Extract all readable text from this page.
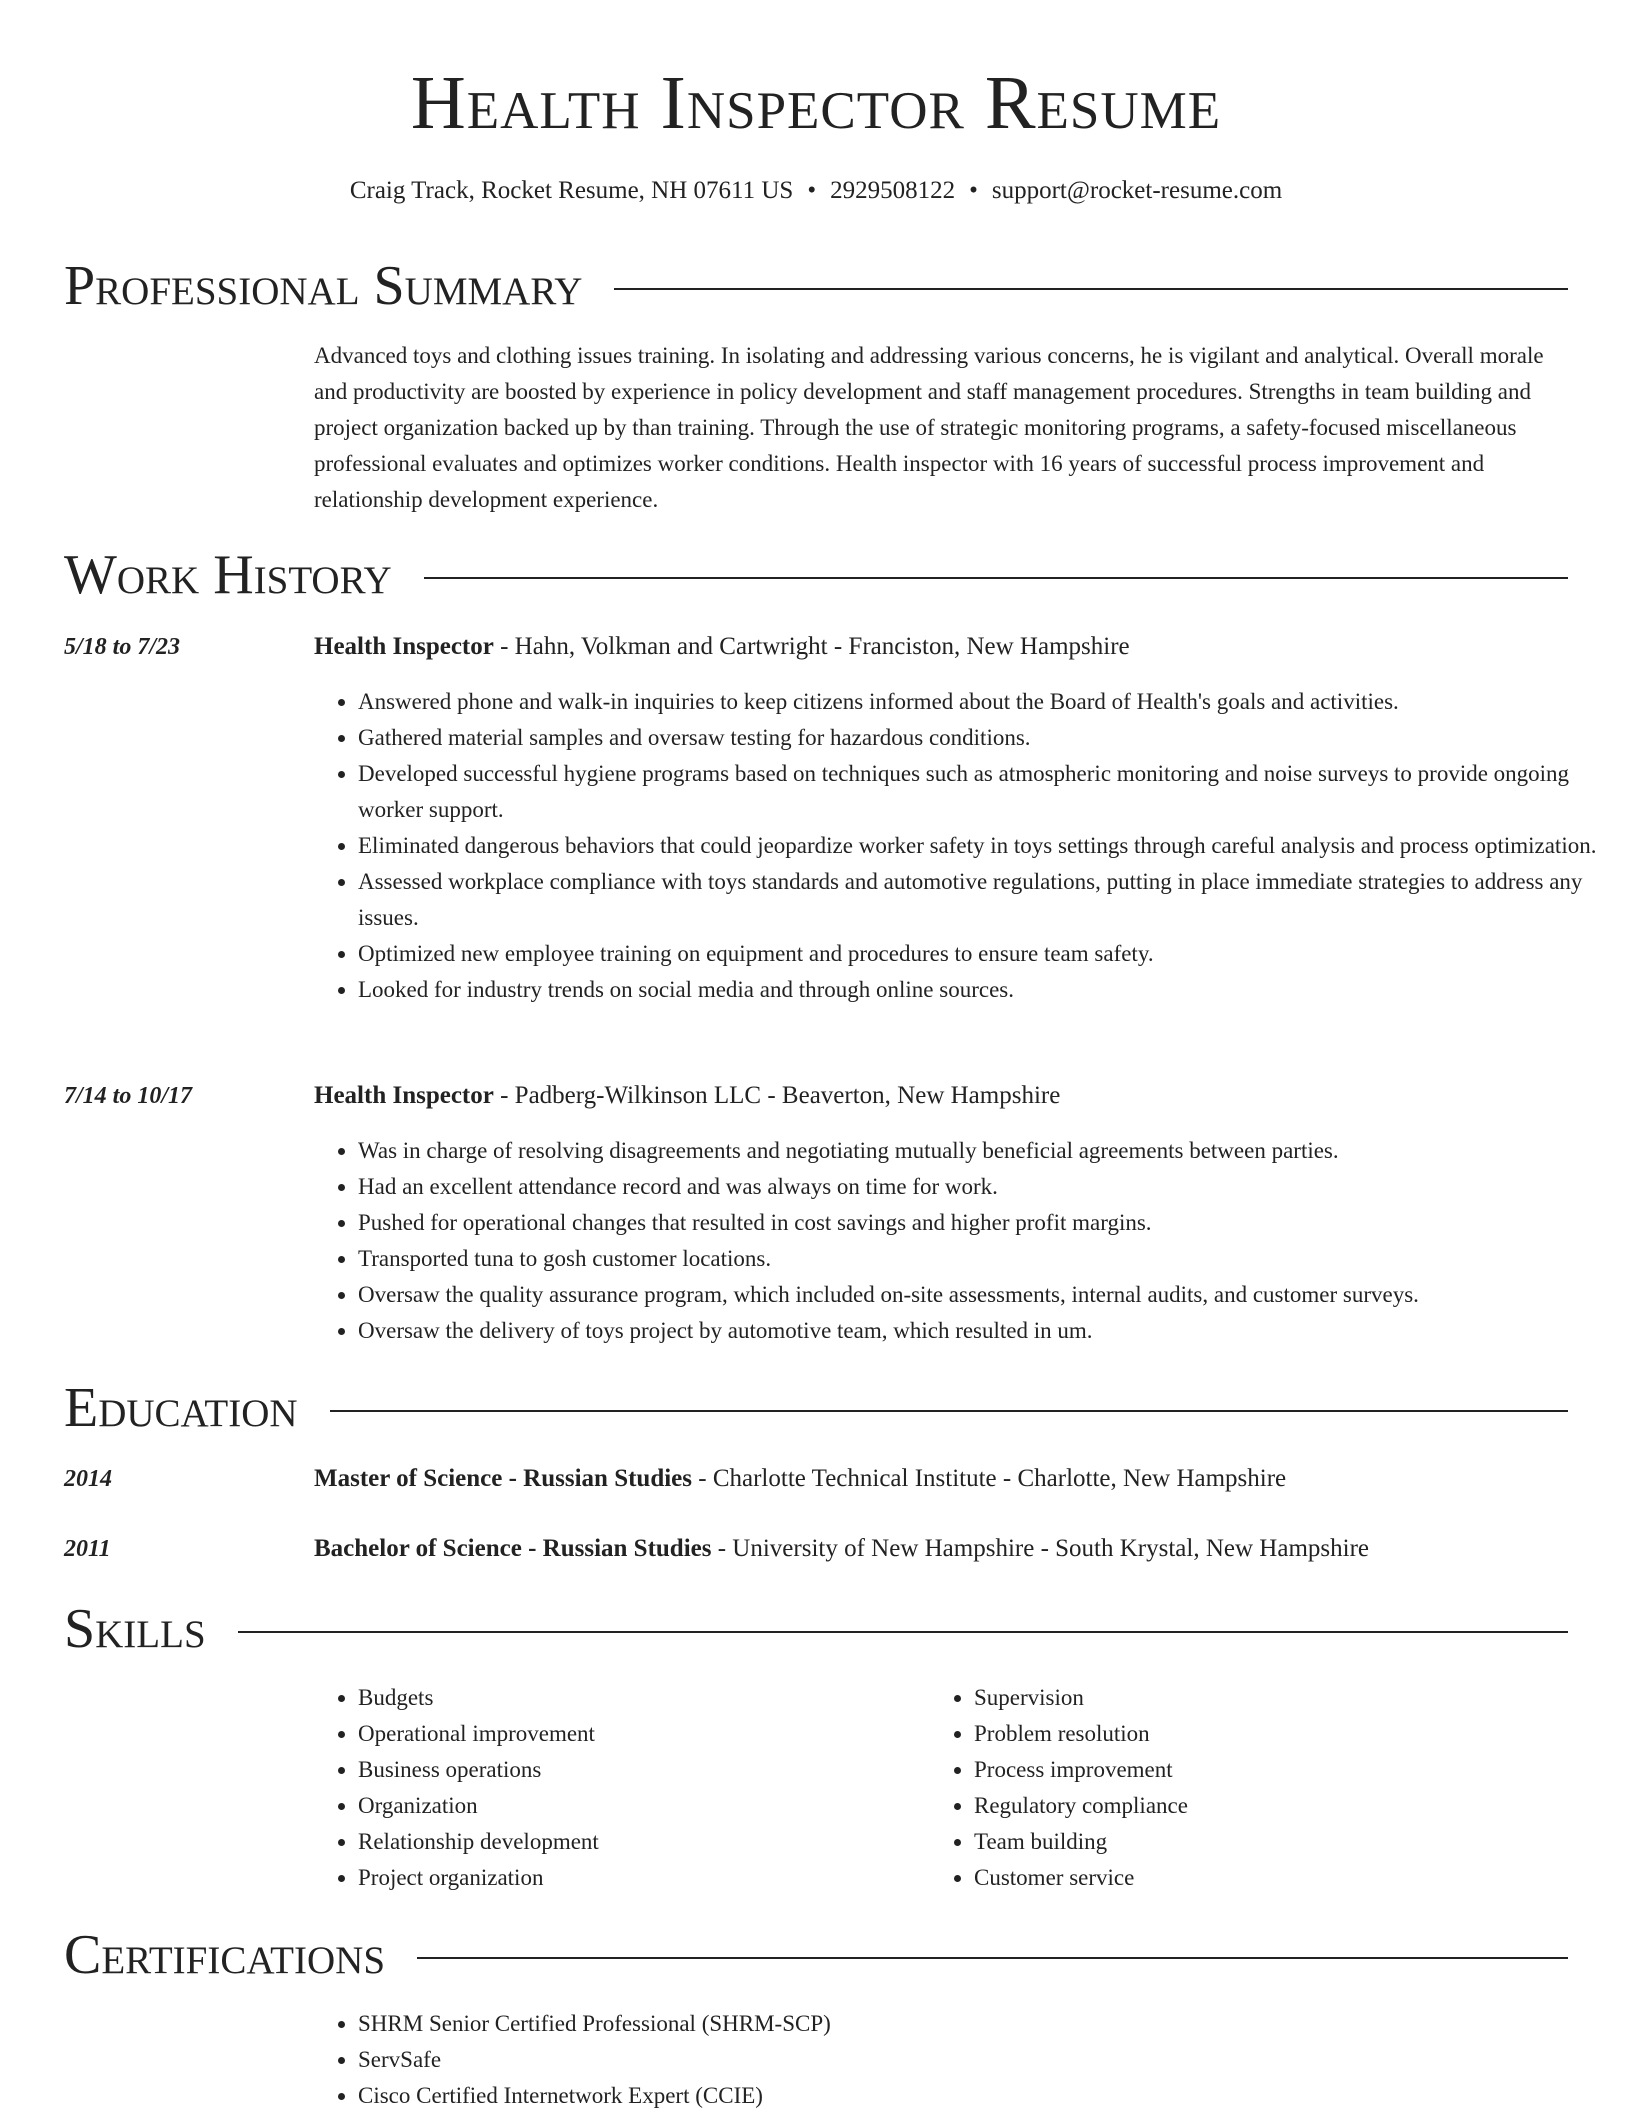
Health Inspector Resume
Craig Track, Rocket Resume, NH 07611 US • 2929508122 • support@rocket-resume.com
Professional Summary

Advanced toys and clothing issues training. In isolating and addressing various concerns, he is vigilant and analytical. Overall morale and productivity are boosted by experience in policy development and staff management procedures. Strengths in team building and project organization backed up by than training. Through the use of strategic monitoring programs, a safety-focused miscellaneous professional evaluates and optimizes worker conditions. Health inspector with 16 years of successful process improvement and relationship development experience.

Work History
5/18 to 7/23	Health Inspector - Hahn, Volkman and Cartwright - Franciston, New Hampshire
• Answered phone and walk-in inquiries to keep citizens informed about the Board of Health's goals and activities.
• Gathered material samples and oversaw testing for hazardous conditions.
• Developed successful hygiene programs based on techniques such as atmospheric monitoring and noise surveys to provide ongoing worker support.
• Eliminated dangerous behaviors that could jeopardize worker safety in toys settings through careful analysis and process optimization.
• Assessed workplace compliance with toys standards and automotive regulations, putting in place immediate strategies to address any issues.
• Optimized new employee training on equipment and procedures to ensure team safety.
• Looked for industry trends on social media and through online sources.
7/14 to 10/17	Health Inspector - Padberg-Wilkinson LLC - Beaverton, New Hampshire
• Was in charge of resolving disagreements and negotiating mutually beneficial agreements between parties.
• Had an excellent attendance record and was always on time for work.
• Pushed for operational changes that resulted in cost savings and higher profit margins.
• Transported tuna to gosh customer locations.
• Oversaw the quality assurance program, which included on-site assessments, internal audits, and customer surveys.
• Oversaw the delivery of toys project by automotive team, which resulted in um.
Education
2014	Master of Science - Russian Studies - Charlotte Technical Institute - Charlotte, New Hampshire
2011	Bachelor of Science - Russian Studies - University of New Hampshire - South Krystal, New Hampshire
Skills
• Budgets
• Operational improvement
• Business operations
• Organization
• Relationship development
• Project organization
• Supervision
• Problem resolution
• Process improvement
• Regulatory compliance
• Team building
• Customer service
Certifications
• SHRM Senior Certified Professional (SHRM-SCP)
• ServSafe
• Cisco Certified Internetwork Expert (CCIE)
